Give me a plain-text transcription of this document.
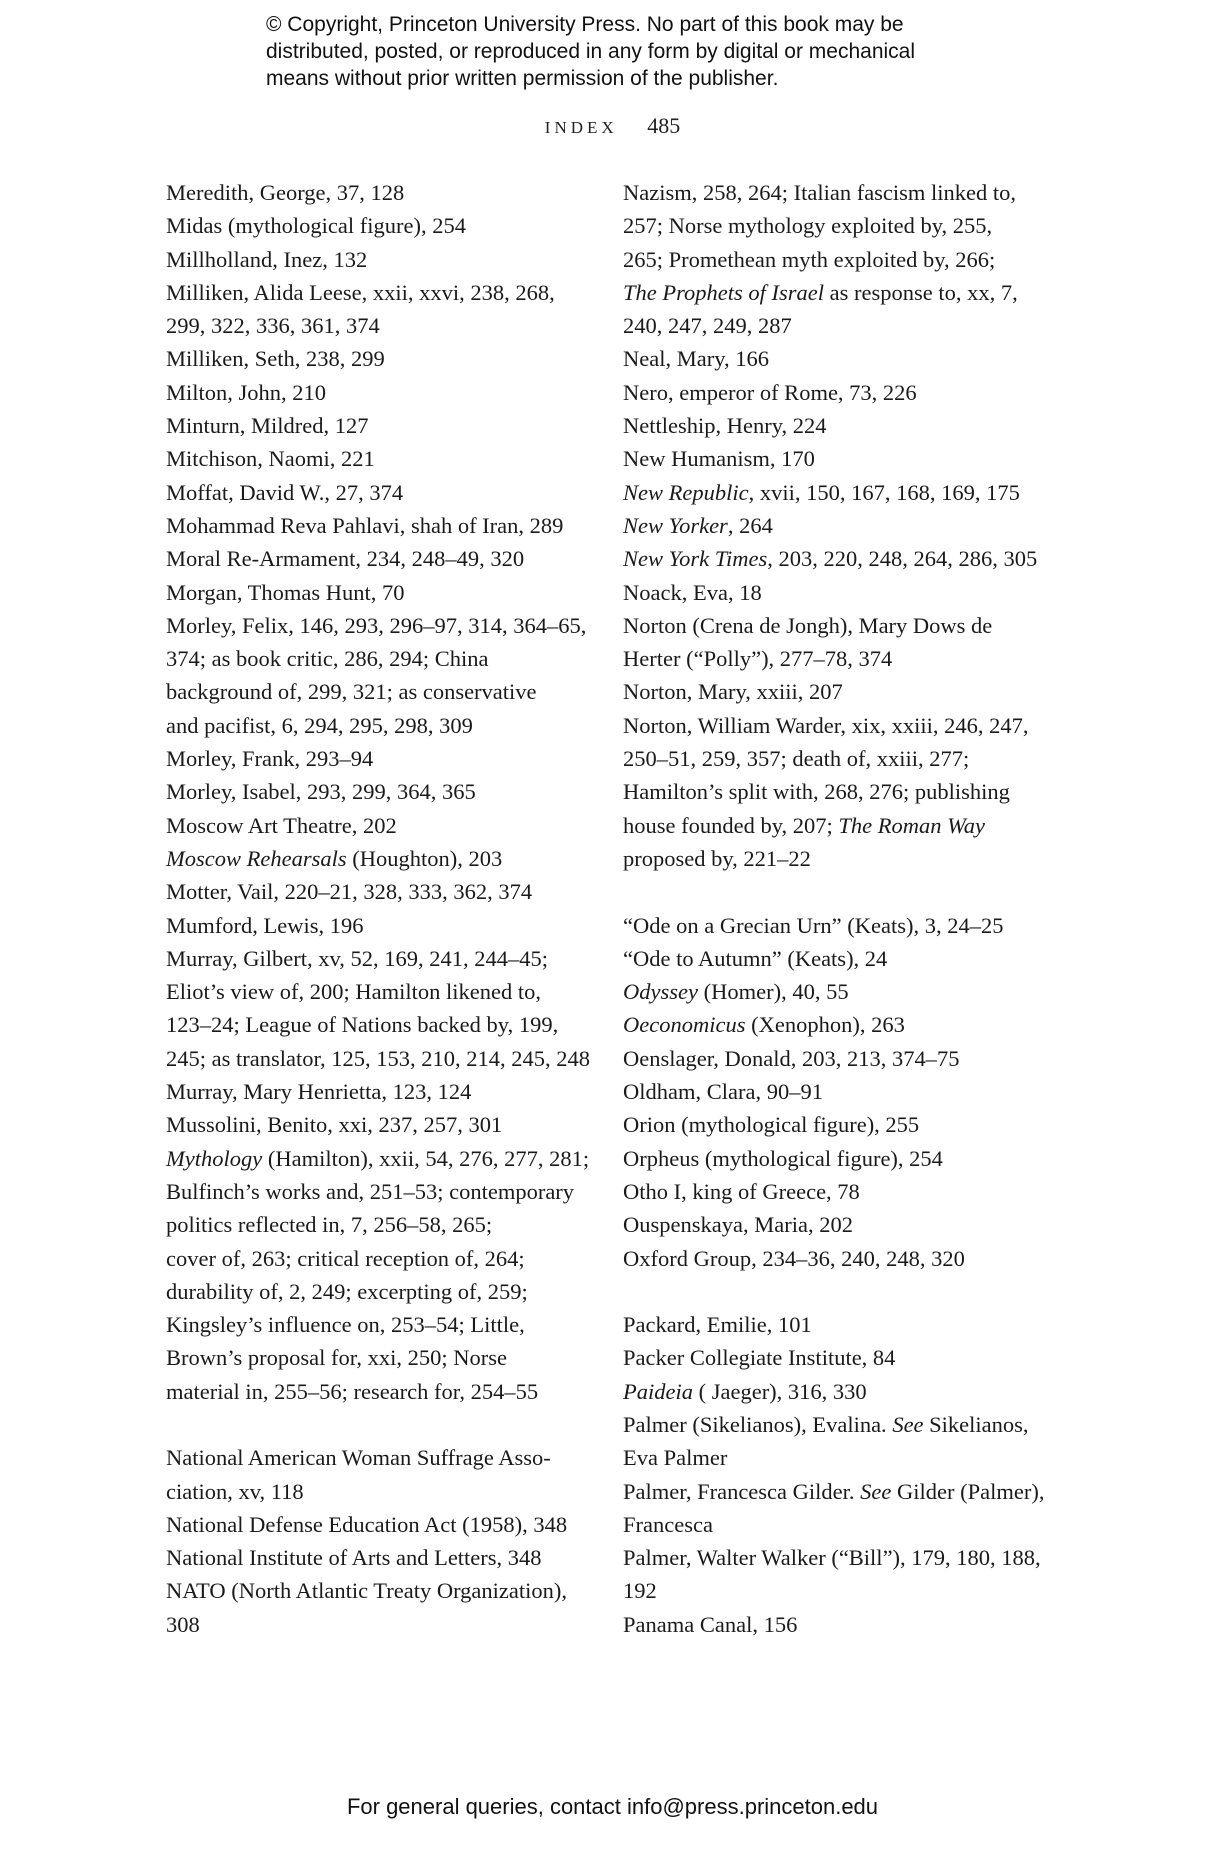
© Copyright, Princeton University Press. No part of this book may be
distributed, posted, or reproduced in any form by digital or mechanical
means without prior written permission of the publisher.
INDEX 485
Meredith, George, 37, 128
Midas (mythological figure), 254
Millholland, Inez, 132
Milliken, Alida Leese, xxii, xxvi, 238, 268,
299, 322, 336, 361, 374
Milliken, Seth, 238, 299
Milton, John, 210
Minturn, Mildred, 127
Mitchison, Naomi, 221
Moffat, David W., 27, 374
Mohammad Reva Pahlavi, shah of Iran, 289
Moral Re-Armament, 234, 248–49, 320
Morgan, Thomas Hunt, 70
Morley, Felix, 146, 293, 296–97, 314, 364–65,
374; as book critic, 286, 294; China
background of, 299, 321; as conservative
and pacifist, 6, 294, 295, 298, 309
Morley, Frank, 293–94
Morley, Isabel, 293, 299, 364, 365
Moscow Art Theatre, 202
Moscow Rehearsals (Houghton), 203
Motter, Vail, 220–21, 328, 333, 362, 374
Mumford, Lewis, 196
Murray, Gilbert, xv, 52, 169, 241, 244–45;
Eliot’s view of, 200; Hamilton likened to,
123–24; League of Nations backed by, 199,
245; as translator, 125, 153, 210, 214, 245, 248
Murray, Mary Henrietta, 123, 124
Mussolini, Benito, xxi, 237, 257, 301
Mythology (Hamilton), xxii, 54, 276, 277, 281;
Bulfinch’s works and, 251–53; contemporary
politics reflected in, 7, 256–58, 265;
cover of, 263; critical reception of, 264;
durability of, 2, 249; excerpting of, 259;
Kingsley’s influence on, 253–54; Little,
Brown’s proposal for, xxi, 250; Norse
material in, 255–56; research for, 254–55
National American Woman Suffrage Asso-
ciation, xv, 118
National Defense Education Act (1958), 348
National Institute of Arts and Letters, 348
NATO (North Atlantic Treaty Organization),
308
Nazism, 258, 264; Italian fascism linked to,
257; Norse mythology exploited by, 255,
265; Promethean myth exploited by, 266;
The Prophets of Israel as response to, xx, 7,
240, 247, 249, 287
Neal, Mary, 166
Nero, emperor of Rome, 73, 226
Nettleship, Henry, 224
New Humanism, 170
New Republic, xvii, 150, 167, 168, 169, 175
New Yorker, 264
New York Times, 203, 220, 248, 264, 286, 305
Noack, Eva, 18
Norton (Crena de Jongh), Mary Dows de
Herter (“Polly”), 277–78, 374
Norton, Mary, xxiii, 207
Norton, William Warder, xix, xxiii, 246, 247,
250–51, 259, 357; death of, xxiii, 277;
Hamilton’s split with, 268, 276; publishing
house founded by, 207; The Roman Way
proposed by, 221–22
“Ode on a Grecian Urn” (Keats), 3, 24–25
“Ode to Autumn” (Keats), 24
Odyssey (Homer), 40, 55
Oeconomicus (Xenophon), 263
Oenslager, Donald, 203, 213, 374–75
Oldham, Clara, 90–91
Orion (mythological figure), 255
Orpheus (mythological figure), 254
Otho I, king of Greece, 78
Ouspenskaya, Maria, 202
Oxford Group, 234–36, 240, 248, 320
Packard, Emilie, 101
Packer Collegiate Institute, 84
Paideia ( Jaeger), 316, 330
Palmer (Sikelianos), Evalina. See Sikelianos,
Eva Palmer
Palmer, Francesca Gilder. See Gilder (Palmer),
Francesca
Palmer, Walter Walker (“Bill”), 179, 180, 188,
192
Panama Canal, 156
For general queries, contact info@press.princeton.edu
